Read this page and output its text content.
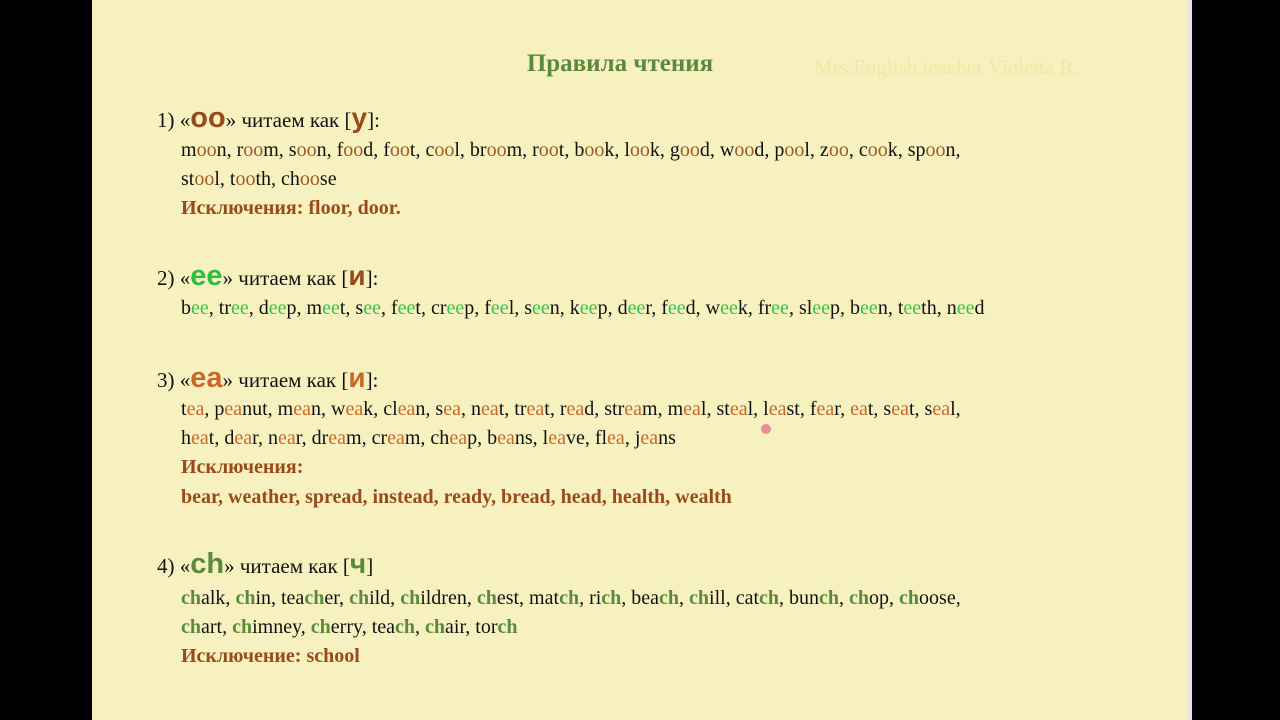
Правила чтения	Mrs.English teacher Violetta R.
1) «oo» читаем как [у]:
moon, room, soon, food, foot, cool, broom, root, book, look, good, wood, pool, zoo, cook, spoon,
stool, tooth, choose
Исключения: floor, door.
2) «ee» читаем как [и]:
bee, tree, deep, meet, see, feet, creep, feel, seen, keep, deer, feed, week, free, sleep, been, teeth, need
3) «ea» читаем как [и]:
tea, peanut, mean, weak, clean, sea, neat, treat, read, stream, meal, steal, least, fear, eat, seat, seal,
heat, dear, near, dream, cream, cheap, beans, leave, flea, jeans
Исключения:
bear, weather, spread, instead, ready, bread, head, health, wealth
4) «ch» читаем как [ч]
chalk, chin, teacher, child, children, chest, match, rich, beach, chill, catch, bunch, chop, choose,
chart, chimney, cherry, teach, chair, torch
Исключение: school
